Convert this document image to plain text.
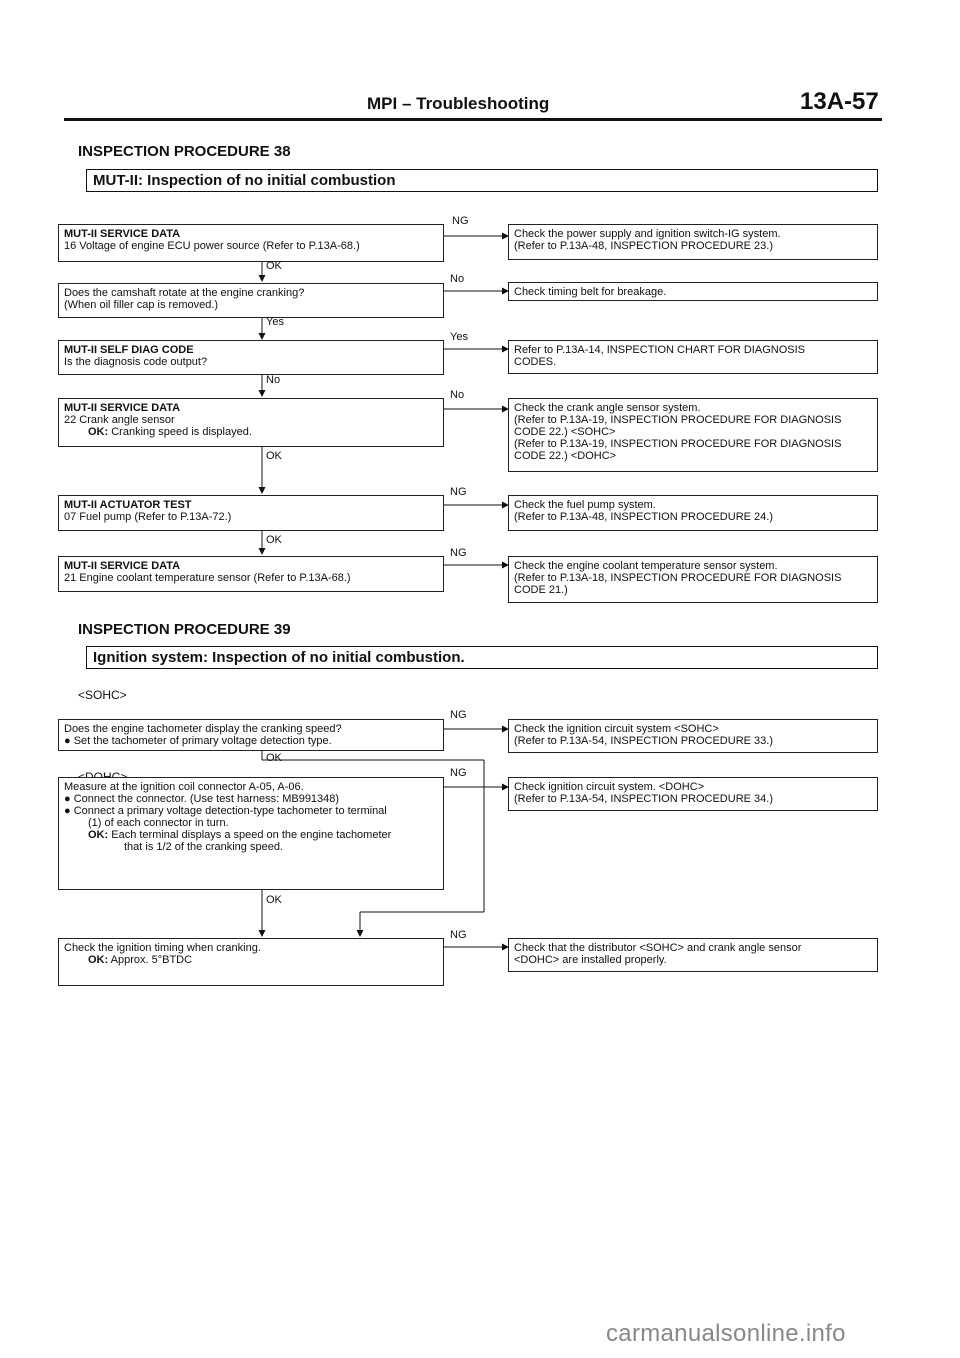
MPI – Troubleshooting	13A-57
INSPECTION PROCEDURE 38
MUT-II: Inspection of no initial combustion

MUT-II SERVICE DATA

16 Voltage of engine ECU power source (Refer to P.13A-68.)

NG

Check the power supply and ignition switch-IG system.

(Refer to P.13A-48, INSPECTION PROCEDURE 23.)

OK

Does the camshaft rotate at the engine cranking?

(When oil filler cap is removed.)

No

Check timing belt for breakage.

Yes

MUT-II SELF DIAG CODE

Is the diagnosis code output?

Yes

Refer to P.13A-14, INSPECTION CHART FOR DIAGNOSIS

CODES.

No

MUT-II SERVICE DATA

22 Crank angle sensor

OK: Cranking speed is displayed.

No

Check the crank angle sensor system.

(Refer to P.13A-19, INSPECTION PROCEDURE FOR DIAGNOSIS

CODE 22.) <SOHC>

(Refer to P.13A-19, INSPECTION PROCEDURE FOR DIAGNOSIS

CODE 22.) <DOHC>

OK

MUT-II ACTUATOR TEST

07 Fuel pump (Refer to P.13A-72.)

NG

Check the fuel pump system.

(Refer to P.13A-48, INSPECTION PROCEDURE 24.)

OK

MUT-II SERVICE DATA

21 Engine coolant temperature sensor (Refer to P.13A-68.)

NG

Check the engine coolant temperature sensor system.

(Refer to P.13A-18, INSPECTION PROCEDURE FOR DIAGNOSIS

CODE 21.)

INSPECTION PROCEDURE 39
Ignition system: Inspection of no initial combustion.
<SOHC>

Does the engine tachometer display the cranking speed?

● Set the tachometer of primary voltage detection type.

NG

Check the ignition circuit system <SOHC>

(Refer to P.13A-54, INSPECTION PROCEDURE 33.)

OK

Measure at the ignition coil connector A-05, A-06.

● Connect the connector. (Use test harness: MB991348)

● Connect a primary voltage detection-type tachometer to terminal

(1) of each connector in turn.

OK: Each terminal displays a speed on the engine tachometer

that is 1/2 of the cranking speed.

NG

Check ignition circuit system. <DOHC>

(Refer to P.13A-54, INSPECTION PROCEDURE 34.)

OK

Check the ignition timing when cranking.

OK: Approx. 5°BTDC

NG

Check that the distributor <SOHC> and crank angle sensor

<DOHC> are installed properly.

carmanualsonline.info
